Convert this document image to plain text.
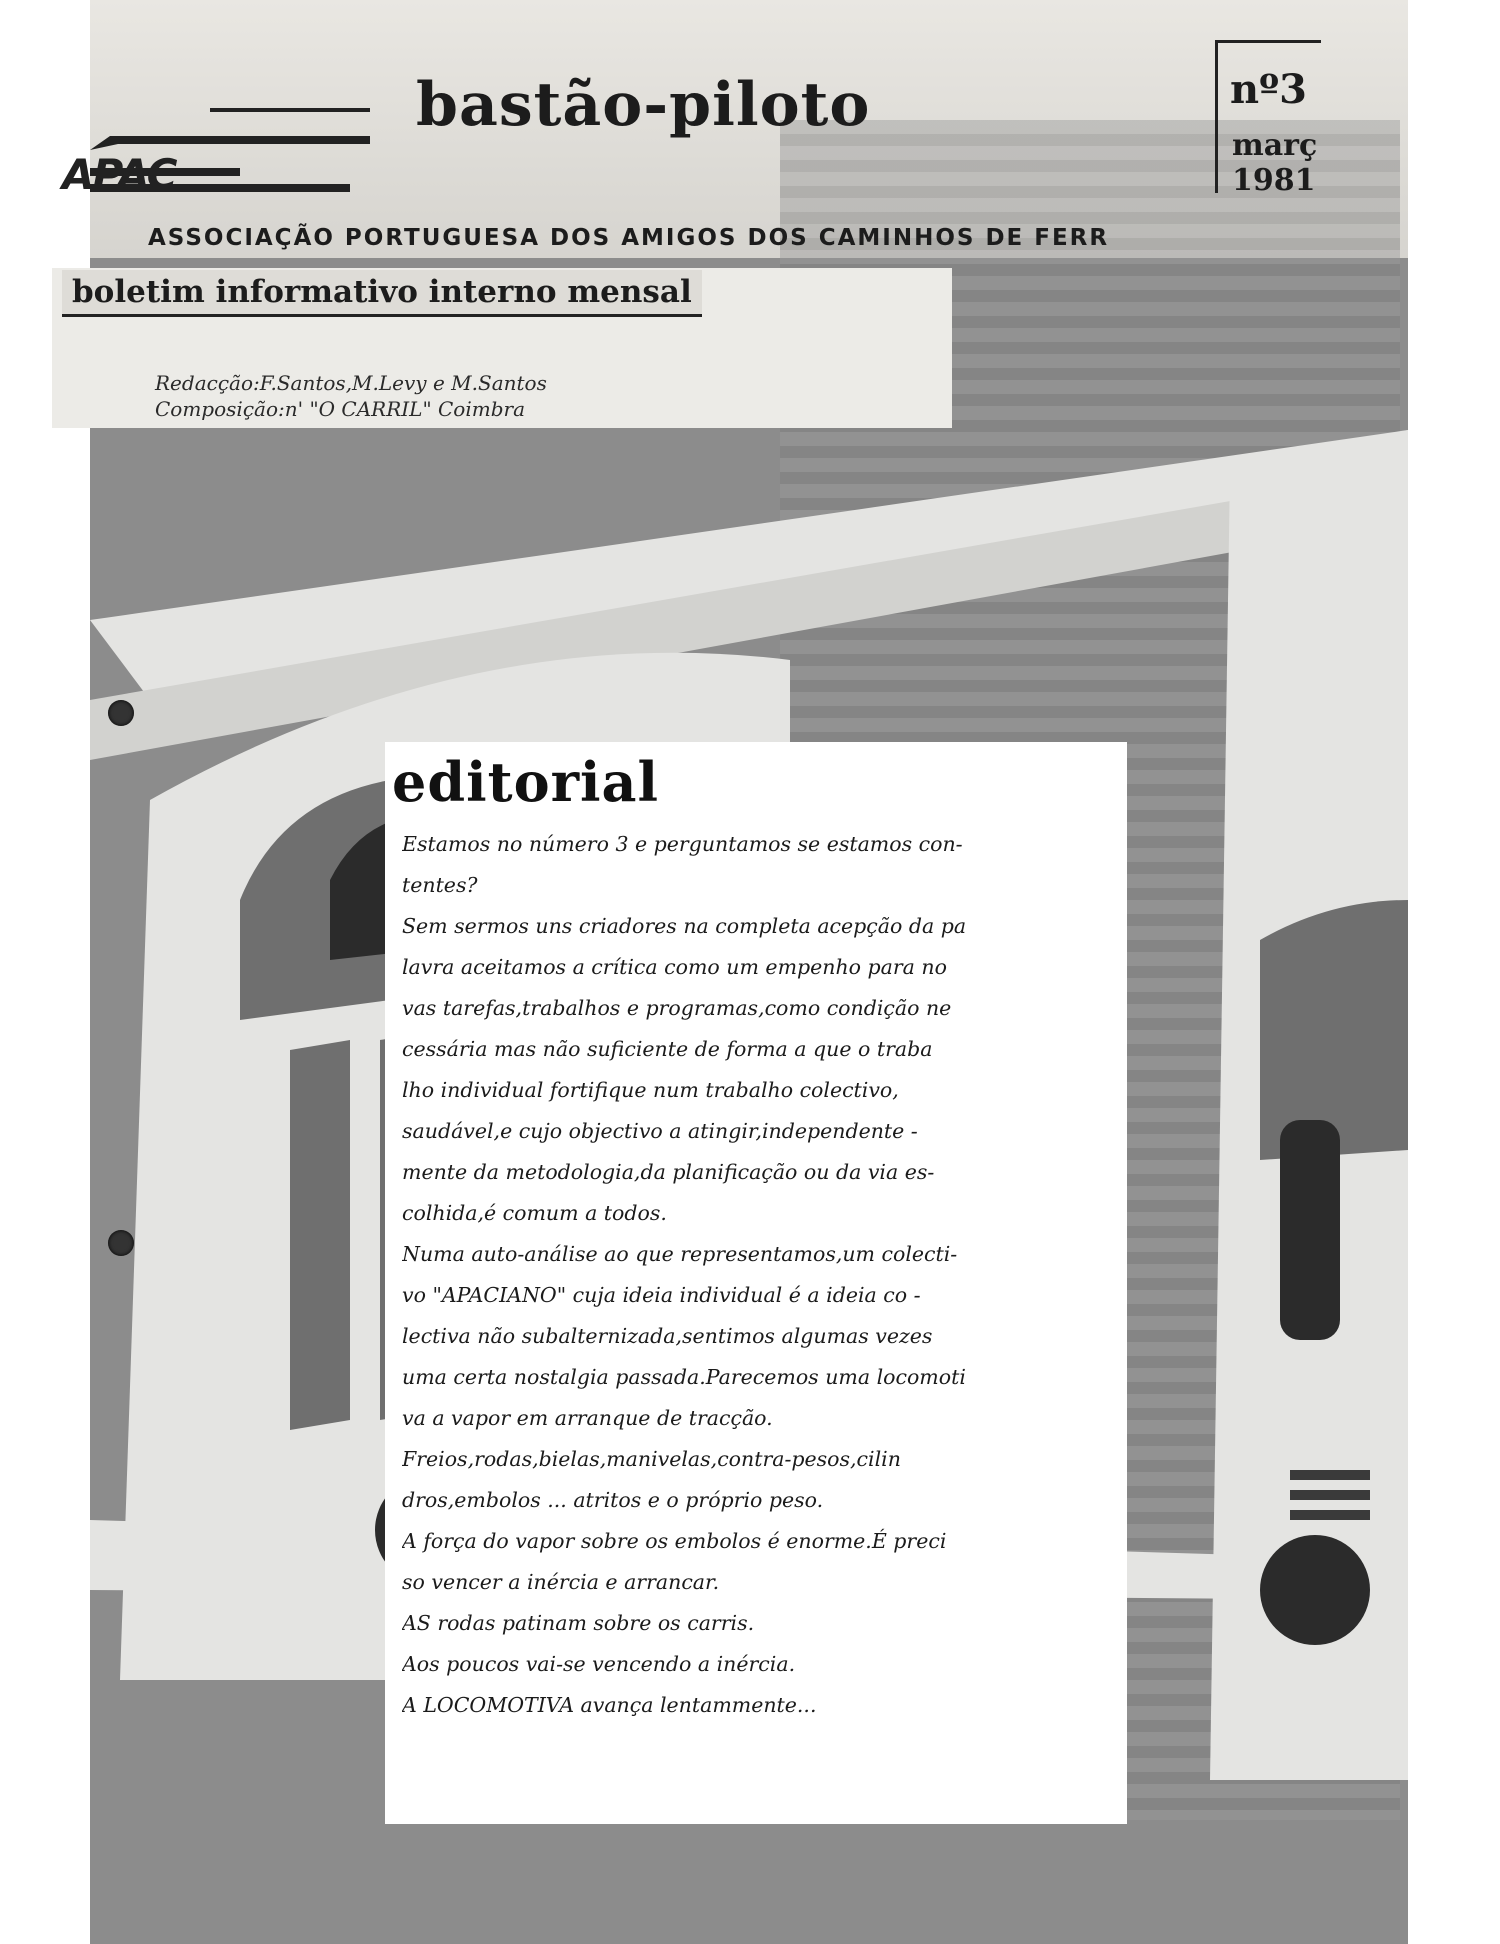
bastão-piloto	nº3
març
1981
APAC
ASSOCIAÇÃO PORTUGUESA DOS AMIGOS DOS CAMINHOS DE FERR
boletim informativo interno mensal
Redacção:F.Santos,M.Levy e M.Santos
Composição:n' "O CARRIL" Coimbra
editorial
Estamos no número 3 e perguntamos se estamos con-
tentes?
Sem sermos uns criadores na completa acepção da pa
lavra aceitamos a crítica como um empenho para no
vas tarefas,trabalhos e programas,como condição ne
cessária mas não suficiente de forma a que o traba
lho individual fortifique num trabalho colectivo,
saudável,e cujo objectivo a atingir,independente -
mente da metodologia,da planificação ou da via es-
colhida,é comum a todos.
Numa auto-análise ao que representamos,um colecti-
vo "APACIANO" cuja ideia individual é a ideia co -
lectiva não subalternizada,sentimos algumas vezes
uma certa nostalgia passada.Parecemos uma locomoti
va a vapor em arranque de tracção.
Freios,rodas,bielas,manivelas,contra-pesos,cilin
dros,embolos ... atritos e o próprio peso.
A força do vapor sobre os embolos é enorme.É preci
so vencer a inércia e arrancar.
AS rodas patinam sobre os carris.
Aos poucos vai-se vencendo a inércia.
A LOCOMOTIVA avança lentammente...
